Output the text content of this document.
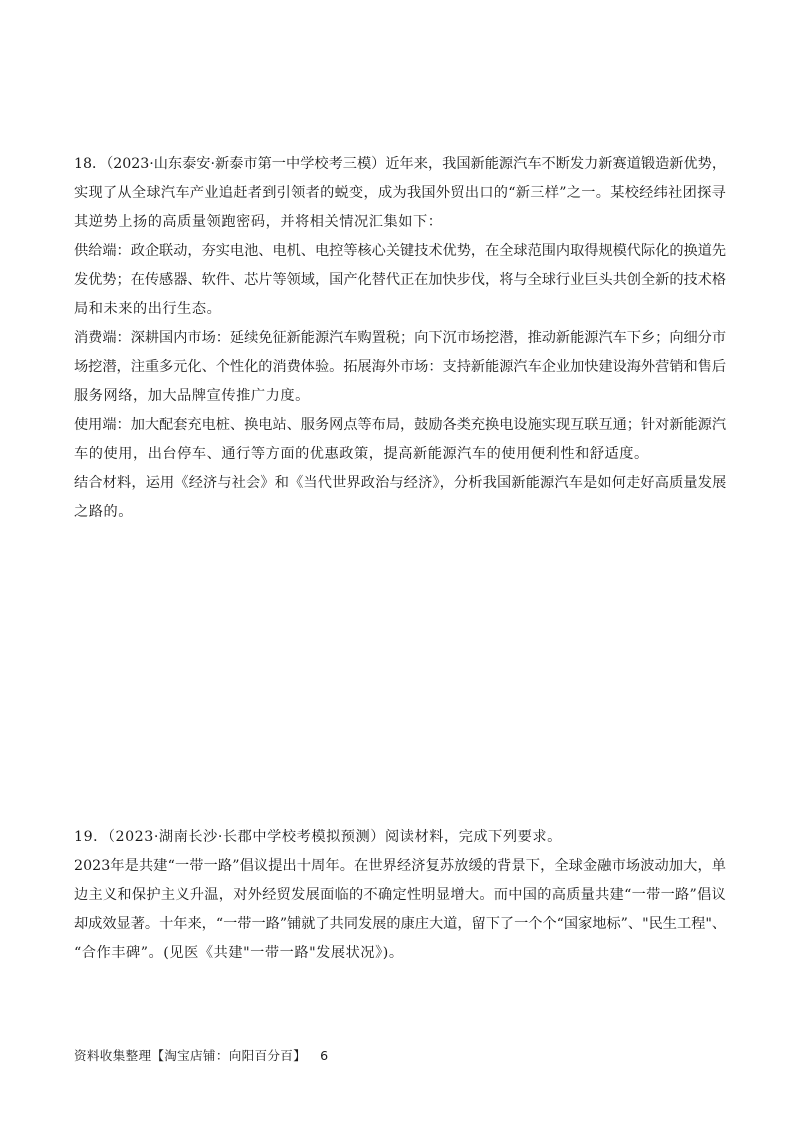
18．（2023·山东泰安·新泰市第一中学校考三模）近年来，我国新能源汽车不断发力新赛道锻造新优势，
实现了从全球汽车产业追赶者到引领者的蜕变，成为我国外贸出口的“新三样”之一。某校经纬社团探寻
其逆势上扬的高质量领跑密码，并将相关情况汇集如下：
供给端：政企联动，夯实电池、电机、电控等核心关键技术优势，在全球范围内取得规模代际化的换道先
发优势；在传感器、软件、芯片等领域，国产化替代正在加快步伐，将与全球行业巨头共创全新的技术格
局和未来的出行生态。
消费端：深耕国内市场：延续免征新能源汽车购置税；向下沉市场挖潜，推动新能源汽车下乡；向细分市
场挖潜，注重多元化、个性化的消费体验。拓展海外市场：支持新能源汽车企业加快建设海外营销和售后
服务网络，加大品牌宣传推广力度。
使用端：加大配套充电桩、换电站、服务网点等布局，鼓励各类充换电设施实现互联互通；针对新能源汽
车的使用，出台停车、通行等方面的优惠政策，提高新能源汽车的使用便利性和舒适度。
结合材料，运用《经济与社会》和《当代世界政治与经济》，分析我国新能源汽车是如何走好高质量发展
之路的。
19．（2023·湖南长沙·长郡中学校考模拟预测）阅读材料，完成下列要求。
2023年是共建“一带一路”倡议提出十周年。在世界经济复苏放缓的背景下，全球金融市场波动加大，单
边主义和保护主义升温，对外经贸发展面临的不确定性明显增大。而中国的高质量共建“一带一路”倡议
却成效显著。十年来，“一带一路”铺就了共同发展的康庄大道，留下了一个个“国家地标”、"民生工程"、
“合作丰碑”。(见医《共建"一带一路"发展状况》)。
资料收集整理【淘宝店铺：向阳百分百】 6
